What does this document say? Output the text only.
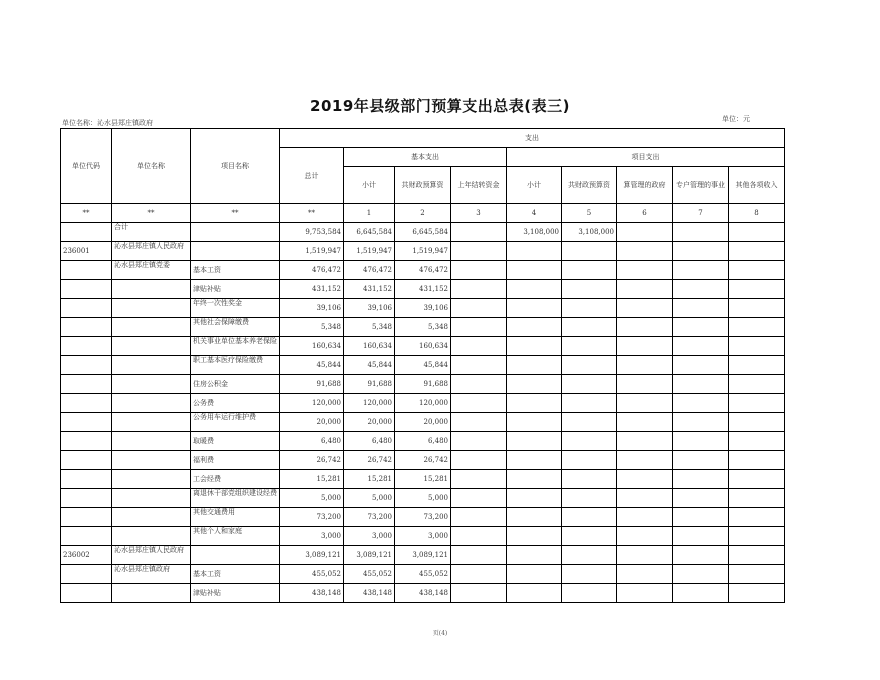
2019年县级部门预算支出总表(表三)
单位名称：沁水县郑庄镇政府	单位：元
单位代码	单位名称	项目名称	支出								
			总计	基本支出			项目支出				
				小计	共财政预算资	上年结转资金	小计	共财政预算资	算管理的政府	专户管理的事业	其他各项收入
**	**	**	**	1	2	3	4	5	6	7	8
	合计		9,753,584	6,645,584	6,645,584		3,108,000	3,108,000			
236001	沁水县郑庄镇人民政府		1,519,947	1,519,947	1,519,947						
	沁水县郑庄镇党委	基本工资	476,472	476,472	476,472						
		津贴补贴	431,152	431,152	431,152						
		年终一次性奖金	39,106	39,106	39,106						
		其他社会保障缴费	5,348	5,348	5,348						
		机关事业单位基本养老保险	160,634	160,634	160,634						
		职工基本医疗保险缴费	45,844	45,844	45,844						
		住房公积金	91,688	91,688	91,688						
		公务费	120,000	120,000	120,000						
		公务用车运行维护费	20,000	20,000	20,000						
		取暖费	6,480	6,480	6,480						
		福利费	26,742	26,742	26,742						
		工会经费	15,281	15,281	15,281						
		离退休干部党组织建设经费	5,000	5,000	5,000						
		其他交通费用	73,200	73,200	73,200						
		其他个人和家庭	3,000	3,000	3,000						
236002	沁水县郑庄镇人民政府		3,089,121	3,089,121	3,089,121						
	沁水县郑庄镇政府	基本工资	455,052	455,052	455,052						
		津贴补贴	438,148	438,148	438,148						
页(4)
